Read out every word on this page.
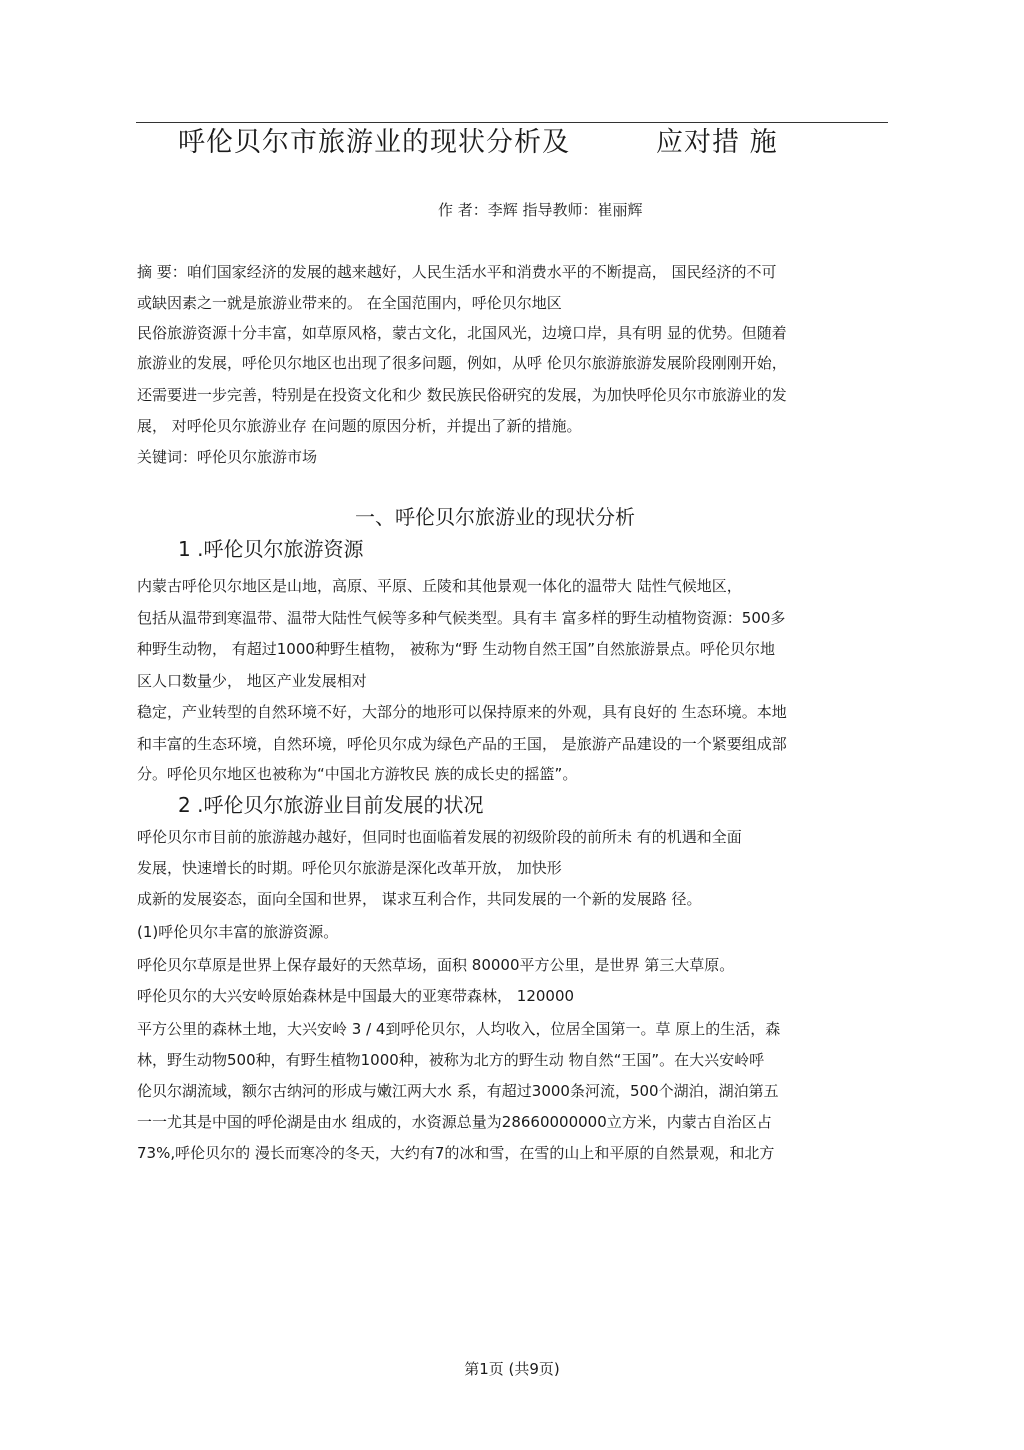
呼伦贝尔市旅游业的现状分析及	应对措 施
作 者：李辉 指导教师：崔丽辉
摘 要：咱们国家经济的发展的越来越好，人民生活水平和消费水平的不断提高， 国民经济的不可
或缺因素之一就是旅游业带来的。 在全国范围内，呼伦贝尔地区
民俗旅游资源十分丰富，如草原风格，蒙古文化，北国风光，边境口岸，具有明 显的优势。但随着
旅游业的发展，呼伦贝尔地区也出现了很多问题，例如，从呼 伦贝尔旅游旅游发展阶段刚刚开始，
还需要进一步完善，特别是在投资文化和少 数民族民俗研究的发展，为加快呼伦贝尔市旅游业的发
展， 对呼伦贝尔旅游业存 在问题的原因分析，并提出了新的措施。
关键词：呼伦贝尔旅游市场
一、呼伦贝尔旅游业的现状分析
1 .呼伦贝尔旅游资源
内蒙古呼伦贝尔地区是山地，高原、平原、丘陵和其他景观一体化的温带大 陆性气候地区，
包括从温带到寒温带、温带大陆性气候等多种气候类型。具有丰 富多样的野生动植物资源：500多
种野生动物， 有超过1000种野生植物， 被称为“野 生动物自然王国”自然旅游景点。呼伦贝尔地
区人口数量少， 地区产业发展相对
稳定，产业转型的自然环境不好，大部分的地形可以保持原来的外观，具有良好的 生态环境。本地
和丰富的生态环境，自然环境，呼伦贝尔成为绿色产品的王国， 是旅游产品建设的一个紧要组成部
分。呼伦贝尔地区也被称为“中国北方游牧民 族的成长史的摇篮”。
2 .呼伦贝尔旅游业目前发展的状况
呼伦贝尔市目前的旅游越办越好，但同时也面临着发展的初级阶段的前所未 有的机遇和全面
发展，快速增长的时期。呼伦贝尔旅游是深化改革开放， 加快形
成新的发展姿态，面向全国和世界， 谋求互利合作，共同发展的一个新的发展路 径。
(1)呼伦贝尔丰富的旅游资源。
呼伦贝尔草原是世界上保存最好的天然草场，面积 80000平方公里，是世界 第三大草原。
呼伦贝尔的大兴安岭原始森林是中国最大的亚寒带森林， 120000
平方公里的森林土地，大兴安岭 3 / 4到呼伦贝尔，人均收入，位居全国第一。草 原上的生活，森
林，野生动物500种，有野生植物1000种，被称为北方的野生动 物自然“王国”。在大兴安岭呼
伦贝尔湖流域，额尔古纳河的形成与嫩江两大水 系，有超过3000条河流，500个湖泊，湖泊第五
一一尤其是中国的呼伦湖是由水 组成的，水资源总量为28660000000立方米，内蒙古自治区占
73%,呼伦贝尔的 漫长而寒冷的冬天，大约有7的冰和雪，在雪的山上和平原的自然景观，和北方
第1页 (共9页)
